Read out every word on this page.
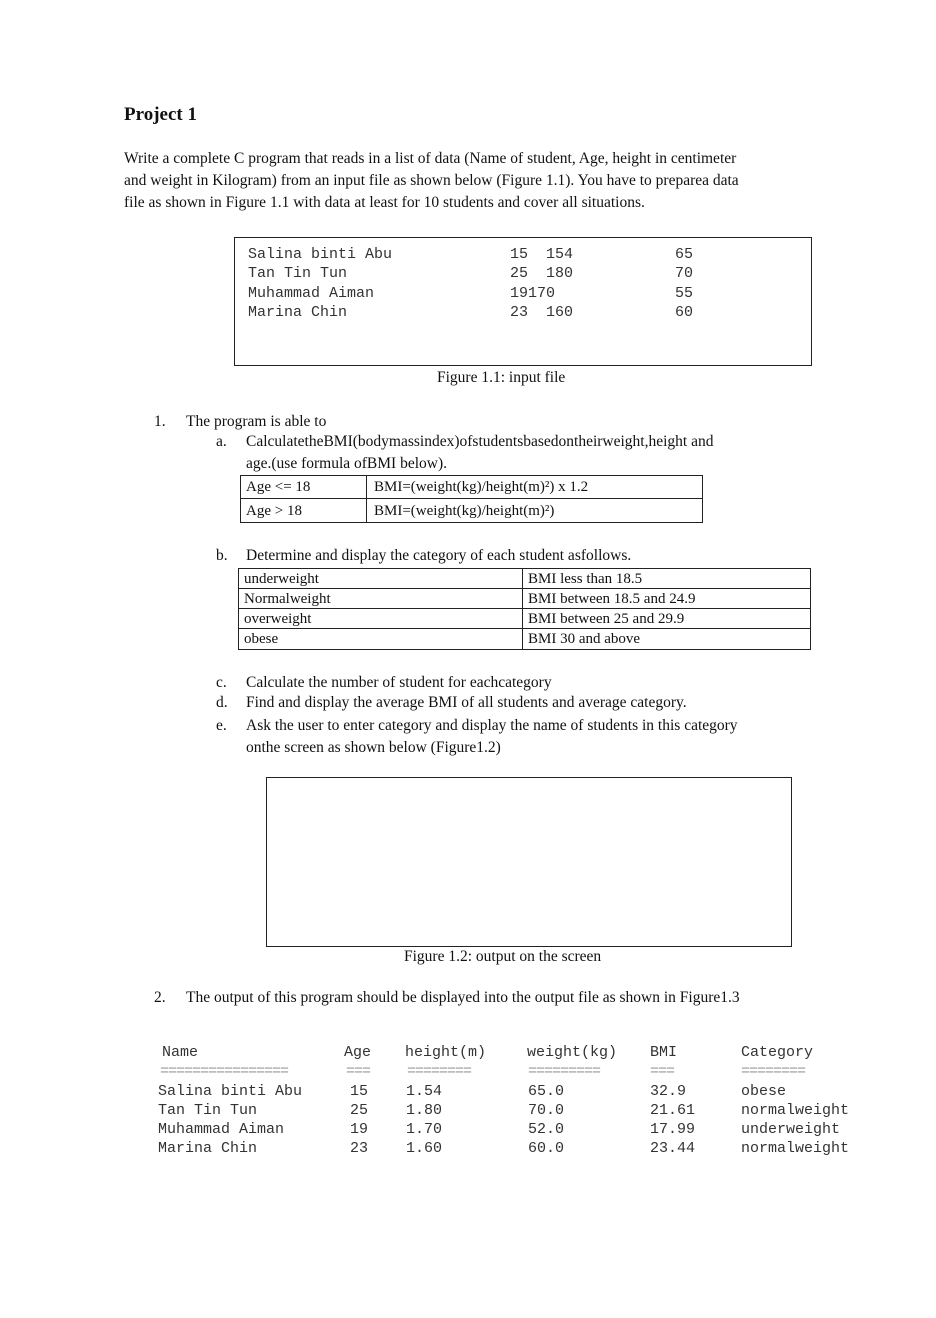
Project 1
Write a complete C program that reads in a list of data (Name of student, Age, height in centimeter
and weight in Kilogram) from an input file as shown below (Figure 1.1). You have to preparea data
file as shown in Figure 1.1 with data at least for 10 students and cover all situations.
Salina binti Abu	15  154	65
Tan Tin Tun	25  180	70
Muhammad Aiman	19170	55
Marina Chin	23  160	60
Figure 1.1: input file
1. The program is able to
a. CalculatetheBMI(bodymassindex)ofstudentsbasedontheirweight,height and
age.(use formula ofBMI below).
Age <= 18	BMI=(weight(kg)/height(m)²) x 1.2
Age > 18	BMI=(weight(kg)/height(m)²)
b. Determine and display the category of each student asfollows.
underweight	BMI less than 18.5
Normalweight	BMI between 18.5 and 24.9
overweight	BMI between 25 and 29.9
obese	BMI 30 and above
c. Calculate the number of student for eachcategory
d. Find and display the average BMI of all students and average category.
e. Ask the user to enter category and display the name of students in this category
onthe screen as shown below (Figure1.2)
Figure 1.2: output on the screen
2. The output of this program should be displayed into the output file as shown in Figure1.3
Name	Age height(m)	weight(kg) BMI	Category
================	=== ========	=========	===	========
Salina binti Abu	15	1.54	65.0	32.9	obese
Tan Tin Tun	25	1.80	70.0	21.61	normalweight
Muhammad Aiman	19	1.70	52.0	17.99	underweight
Marina Chin	23	1.60	60.0	23.44	normalweight
